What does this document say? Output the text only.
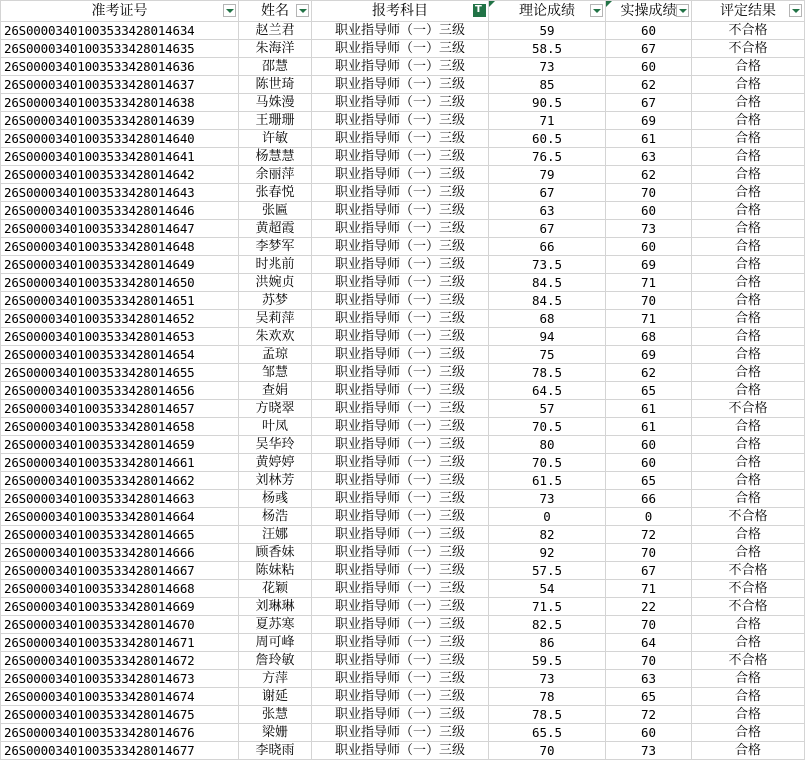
准考证号	姓名	报考科目 T	理论成绩	实操成绩	评定结果

26S00003401003533428014634	赵兰君	职业指导师（一）三级	59	60	不合格
26S00003401003533428014635	朱海洋	职业指导师（一）三级	58.5	67	不合格
26S00003401003533428014636	邵慧	职业指导师（一）三级	73	60	合格
26S00003401003533428014637	陈世琦	职业指导师（一）三级	85	62	合格
26S00003401003533428014638	马姝漫	职业指导师（一）三级	90.5	67	合格
26S00003401003533428014639	王珊珊	职业指导师（一）三级	71	69	合格
26S00003401003533428014640	许敏	职业指导师（一）三级	60.5	61	合格
26S00003401003533428014641	杨慧慧	职业指导师（一）三级	76.5	63	合格
26S00003401003533428014642	余丽萍	职业指导师（一）三级	79	62	合格
26S00003401003533428014643	张春悦	职业指导师（一）三级	67	70	合格
26S00003401003533428014646	张匾	职业指导师（一）三级	63	60	合格
26S00003401003533428014647	黄超霞	职业指导师（一）三级	67	73	合格
26S00003401003533428014648	李梦军	职业指导师（一）三级	66	60	合格
26S00003401003533428014649	时兆前	职业指导师（一）三级	73.5	69	合格
26S00003401003533428014650	洪婉贞	职业指导师（一）三级	84.5	71	合格
26S00003401003533428014651	苏梦	职业指导师（一）三级	84.5	70	合格
26S00003401003533428014652	吴莉萍	职业指导师（一）三级	68	71	合格
26S00003401003533428014653	朱欢欢	职业指导师（一）三级	94	68	合格
26S00003401003533428014654	孟琼	职业指导师（一）三级	75	69	合格
26S00003401003533428014655	邹慧	职业指导师（一）三级	78.5	62	合格
26S00003401003533428014656	查娟	职业指导师（一）三级	64.5	65	合格
26S00003401003533428014657	方晓翠	职业指导师（一）三级	57	61	不合格
26S00003401003533428014658	叶凤	职业指导师（一）三级	70.5	61	合格
26S00003401003533428014659	吴华玲	职业指导师（一）三级	80	60	合格
26S00003401003533428014661	黄婷婷	职业指导师（一）三级	70.5	60	合格
26S00003401003533428014662	刘林芳	职业指导师（一）三级	61.5	65	合格
26S00003401003533428014663	杨彧	职业指导师（一）三级	73	66	合格
26S00003401003533428014664	杨浩	职业指导师（一）三级	0	0	不合格
26S00003401003533428014665	汪娜	职业指导师（一）三级	82	72	合格
26S00003401003533428014666	顾香妹	职业指导师（一）三级	92	70	合格
26S00003401003533428014667	陈妹粘	职业指导师（一）三级	57.5	67	不合格
26S00003401003533428014668	花颖	职业指导师（一）三级	54	71	不合格
26S00003401003533428014669	刘琳琳	职业指导师（一）三级	71.5	22	不合格
26S00003401003533428014670	夏苏寒	职业指导师（一）三级	82.5	70	合格
26S00003401003533428014671	周可峰	职业指导师（一）三级	86	64	合格
26S00003401003533428014672	詹玲敏	职业指导师（一）三级	59.5	70	不合格
26S00003401003533428014673	方萍	职业指导师（一）三级	73	63	合格
26S00003401003533428014674	谢延	职业指导师（一）三级	78	65	合格
26S00003401003533428014675	张慧	职业指导师（一）三级	78.5	72	合格
26S00003401003533428014676	梁姗	职业指导师（一）三级	65.5	60	合格
26S00003401003533428014677	李晓雨	职业指导师（一）三级	70	73	合格
